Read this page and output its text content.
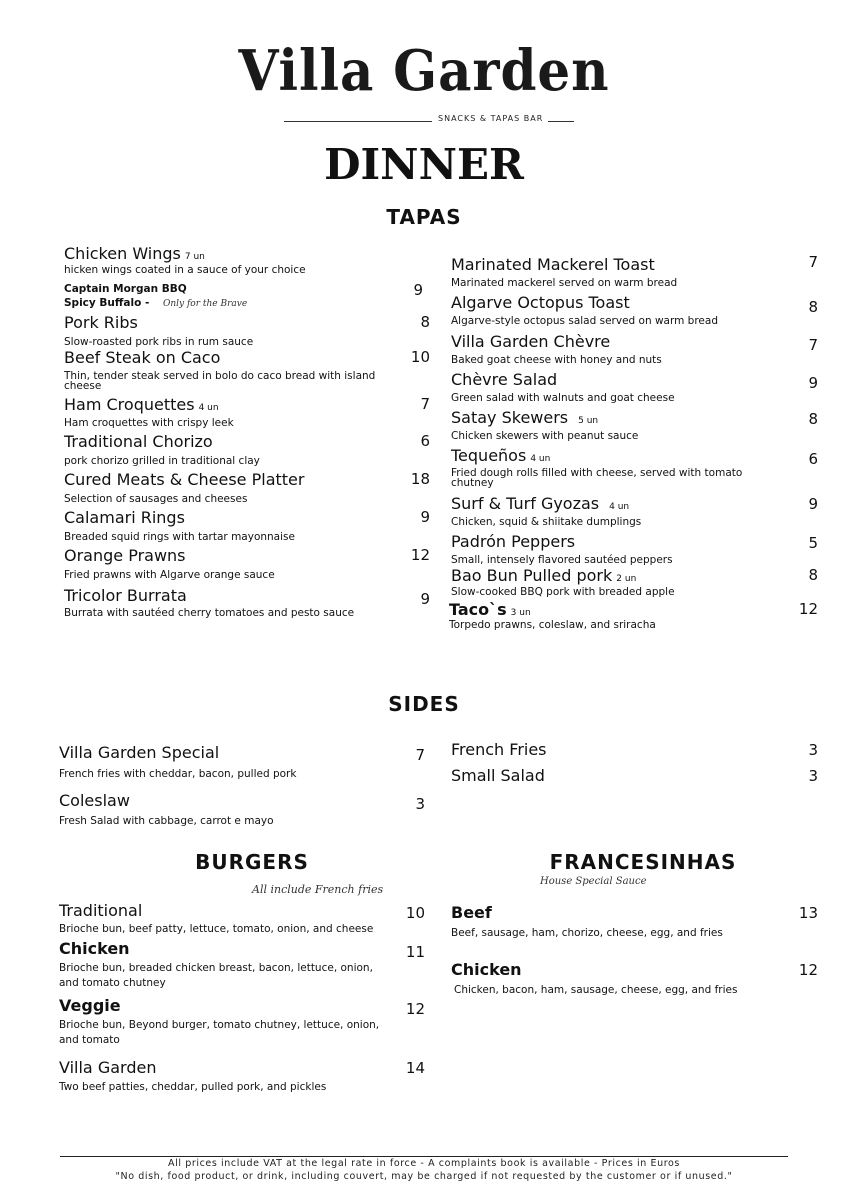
Villa Garden
SNACKS & TAPAS BAR
DINNER
TAPAS
Chicken Wings 7 un
hicken wings coated in a sauce of your choice
Captain Morgan BBQ	9
Spicy Buffalo - Only for the Brave
Pork Ribs
Slow-roasted pork ribs in rum sauce
8
Beef Steak on Caco
Thin, tender steak served in bolo do caco bread with island cheese
10
Ham Croquettes 4 un
Ham croquettes with crispy leek
7
Traditional Chorizo
pork chorizo grilled in traditional clay
6
Cured Meats & Cheese Platter
Selection of sausages and cheeses
18
Calamari Rings
Breaded squid rings with tartar mayonnaise
9
Orange Prawns
Fried prawns with Algarve orange sauce
12
Tricolor Burrata
Burrata with sautéed cherry tomatoes and pesto sauce
9
Marinated Mackerel Toast
Marinated mackerel served on warm bread
7
Algarve Octopus Toast
Algarve-style octopus salad served on warm bread
8
Villa Garden Chèvre
Baked goat cheese with honey and nuts
7
Chèvre Salad
Green salad with walnuts and goat cheese
9
Satay Skewers 5 un
Chicken skewers with peanut sauce
8
Tequeños 4 un
Fried dough rolls filled with cheese, served with tomato chutney
6
Surf & Turf Gyozas 4 un
Chicken, squid & shiitake dumplings
9
Padrón Peppers
Small, intensely flavored sautéed peppers
5
Bao Bun Pulled pork 2 un
Slow-cooked BBQ pork with breaded apple
8
Taco`s 3 un
Torpedo prawns, coleslaw, and sriracha
12
SIDES
Villa Garden Special
French fries with cheddar, bacon, pulled pork
7
Coleslaw
Fresh Salad with cabbage, carrot e mayo
3
French Fries	3
Small Salad	3
BURGERS
All include French fries
Traditional
Brioche bun, beef patty, lettuce, tomato, onion, and cheese
10
Chicken
Brioche bun, breaded chicken breast, bacon, lettuce, onion, and tomato chutney
11
Veggie
Brioche bun, Beyond burger, tomato chutney, lettuce, onion, and tomato
12
Villa Garden
Two beef patties, cheddar, pulled pork, and pickles
14
FRANCESINHAS
House Special Sauce
Beef
Beef, sausage, ham, chorizo, cheese, egg, and fries
13
Chicken
Chicken, bacon, ham, sausage, cheese, egg, and fries
12
All prices include VAT at the legal rate in force - A complaints book is available - Prices in Euros
"No dish, food product, or drink, including couvert, may be charged if not requested by the customer or if unused."
